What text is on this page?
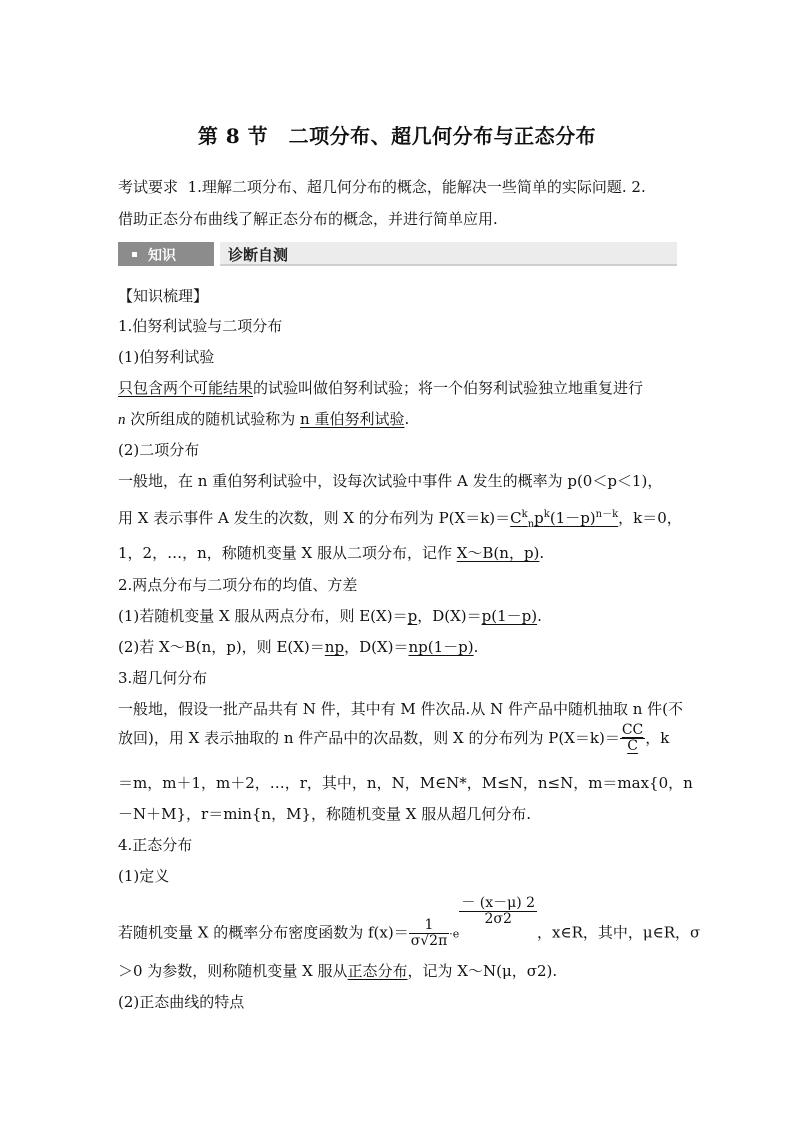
第 8 节　二项分布、超几何分布与正态分布
考试要求 1.理解二项分布、超几何分布的概念，能解决一些简单的实际问题. 2.
借助正态分布曲线了解正态分布的概念，并进行简单应用.
知识	诊断自测
【知识梳理】
1.伯努利试验与二项分布
(1)伯努利试验
只包含两个可能结果的试验叫做伯努利试验；将一个伯努利试验独立地重复进行
n 次所组成的随机试验称为 n 重伯努利试验.
(2)二项分布
一般地，在 n 重伯努利试验中，设每次试验中事件 A 发生的概率为 p(0＜p＜1)，
用 X 表示事件 A 发生的次数，则 X 的分布列为 $P(X=k)=C^k_np^k(1-p)^{n-k}$，k＝0，
1，2，…，n，称随机变量 X 服从二项分布，记作 X～B(n，p).
2.两点分布与二项分布的均值、方差
(1)若随机变量 X 服从两点分布，则 E(X)＝p，D(X)＝p(1－p).
(2)若 X～B(n，p)，则 E(X)＝np，D(X)＝np(1－p).
3.超几何分布
一般地，假设一批产品共有 N 件，其中有 M 件次品.从 N 件产品中随机抽取 n 件(不
放回)，用 X 表示抽取的 n 件产品中的次品数，则 X 的分布列为 $P(X=k)= \frac{CC}{C}$ ，k
＝m，m＋1，m＋2，…，r，其中，n，N，M∈N*，M≤N，n≤N，m＝max{0，n
－N＋M}，r＝min{n，M}，称随机变量 X 服从超几何分布.
4.正态分布
(1)定义
若随机变量 X 的概率分布密度函数为 $f(x)= \frac{1}{\sigma√2\pi} \cdot e$
$\frac{- (x-\mu) 2}{2\sigma 2}$
，x∈R，其中，μ∈R，σ
＞0 为参数，则称随机变量 X 服从正态分布，记为 X～N(μ，σ2).
(2)正态曲线的特点
